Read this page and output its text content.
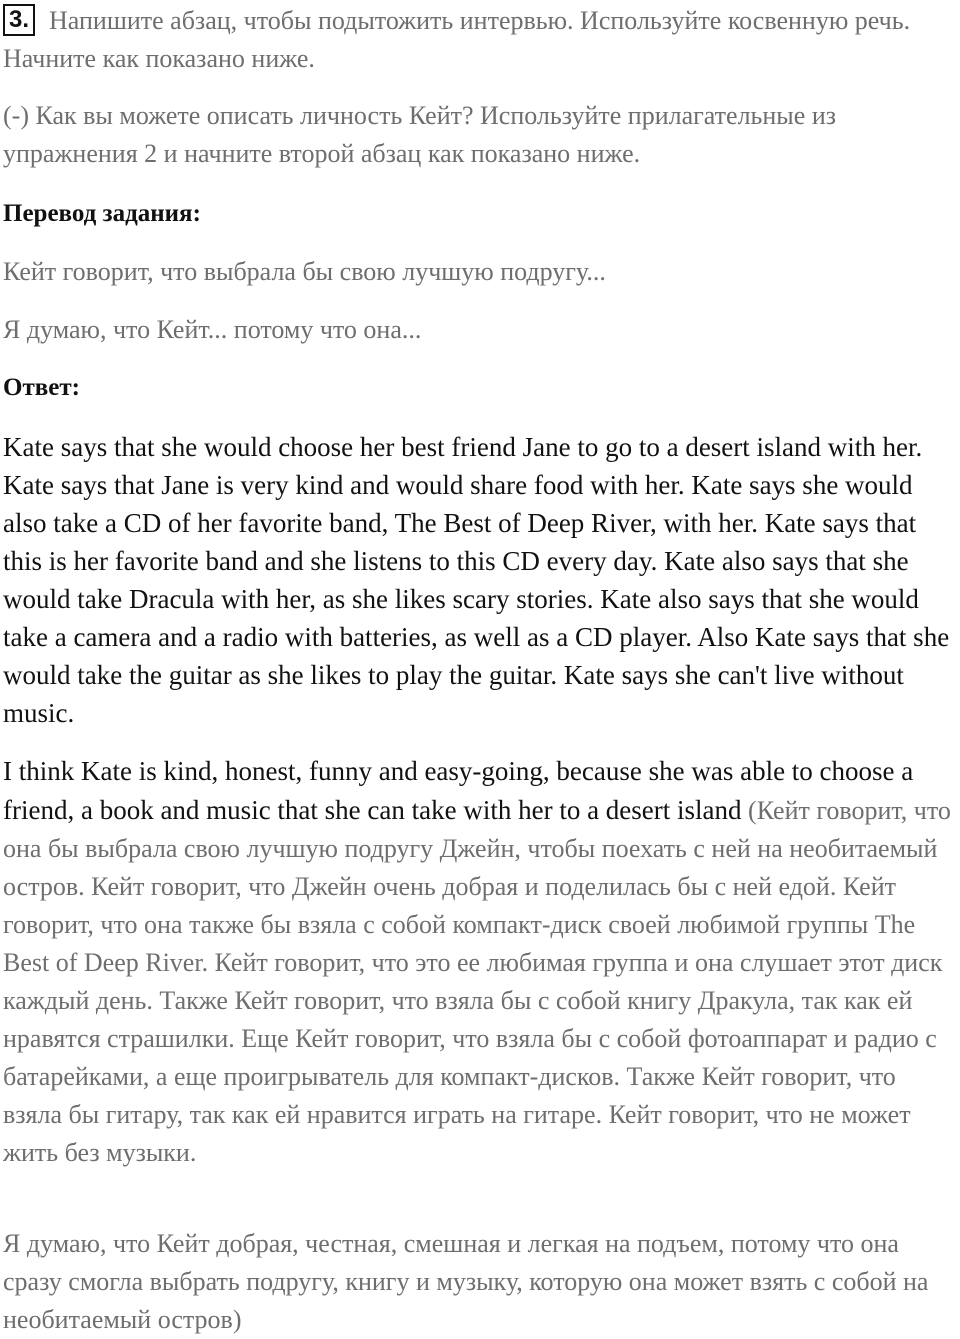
3. Напишите абзац, чтобы подытожить интервью. Используйте косвенную речь. Начните как показано ниже.

(-) Как вы можете описать личность Кейт? Используйте прилагательные из упражнения 2 и начните второй абзац как показано ниже.

Перевод задания:

Кейт говорит, что выбрала бы свою лучшую подругу...

Я думаю, что Кейт... потому что она...

Ответ:

Kate says that she would choose her best friend Jane to go to a desert island with her. Kate says that Jane is very kind and would share food with her. Kate says she would also take a CD of her favorite band, The Best of Deep River, with her. Kate says that this is her favorite band and she listens to this CD every day. Kate also says that she would take Dracula with her, as she likes scary stories. Kate also says that she would take a camera and a radio with batteries, as well as a CD player. Also Kate says that she would take the guitar as she likes to play the guitar. Kate says she can't live without music.

I think Kate is kind, honest, funny and easy-going, because she was able to choose a friend, a book and music that she can take with her to a desert island (Кейт говорит, что она бы выбрала свою лучшую подругу Джейн, чтобы поехать с ней на необитаемый остров. Кейт говорит, что Джейн очень добрая и поделилась бы с ней едой. Кейт говорит, что она также бы взяла с собой компакт-диск своей любимой группы The Best of Deep River. Кейт говорит, что это ее любимая группа и она слушает этот диск каждый день. Также Кейт говорит, что взяла бы с собой книгу Дракула, так как ей нравятся страшилки. Еще Кейт говорит, что взяла бы с собой фотоаппарат и радио с батарейками, а еще проигрыватель для компакт-дисков. Также Кейт говорит, что взяла бы гитару, так как ей нравится играть на гитаре. Кейт говорит, что не может жить без музыки.

Я думаю, что Кейт добрая, честная, смешная и легкая на подъем, потому что она сразу смогла выбрать подругу, книгу и музыку, которую она может взять с собой на необитаемый остров)
